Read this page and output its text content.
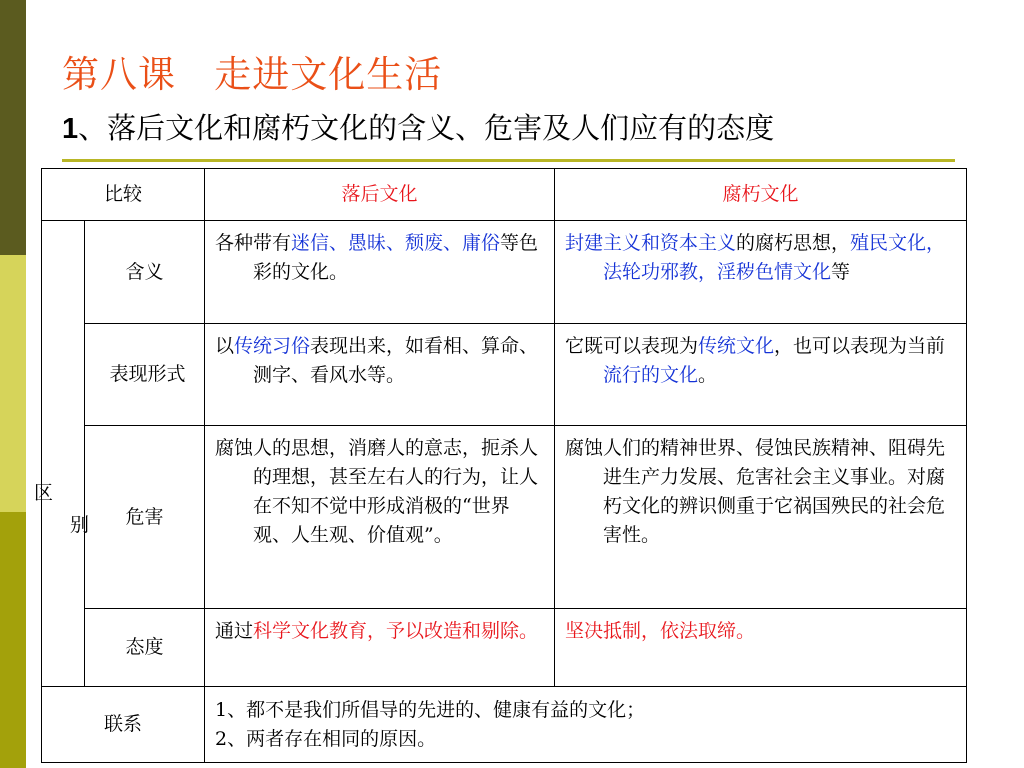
第八课   走进文化生活
1、落后文化和腐朽文化的含义、危害及人们应有的态度
比较		落后文化	腐朽文化

区
别	含义	各种带有迷信、愚昧、颓废、庸俗等色彩的文化。	封建主义和资本主义的腐朽思想，殖民文化，法轮功邪教，淫秽色情文化等

	表现形式	以传统习俗表现出来，如看相、算命、测字、看风水等。	它既可以表现为传统文化，也可以表现为当前流行的文化。

	危害	腐蚀人的思想，消磨人的意志，扼杀人的理想，甚至左右人的行为，让人在不知不觉中形成消极的“世界观、人生观、价值观”。	腐蚀人们的精神世界、侵蚀民族精神、阻碍先进生产力发展、危害社会主义事业。对腐朽文化的辨识侧重于它祸国殃民的社会危害性。

	态度	通过科学文化教育，予以改造和剔除。	坚决抵制，依法取缔。

联系		1、都不是我们所倡导的先进的、健康有益的文化；
2、两者存在相同的原因。	
